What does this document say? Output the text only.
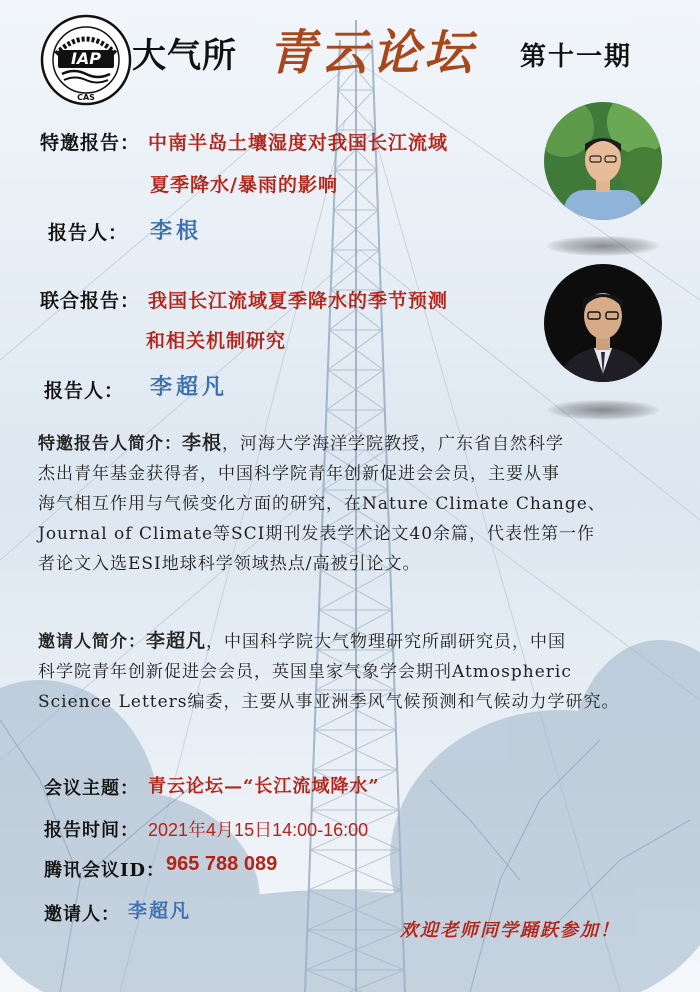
IAP
CAS
大气所 青云论坛 第十一期
特邀报告： 中南半岛土壤湿度对我国长江流域
夏季降水/暴雨的影响
报告人： 李根
联合报告： 我国长江流域夏季降水的季节预测
和相关机制研究
报告人： 李超凡
特邀报告人简介：李根，河海大学海洋学院教授，广东省自然科学
杰出青年基金获得者，中国科学院青年创新促进会会员，主要从事
海气相互作用与气候变化方面的研究，在Nature Climate Change、
Journal of Climate等SCI期刊发表学术论文40余篇，代表性第一作
者论文入选ESI地球科学领域热点/高被引论文。
邀请人简介：李超凡，中国科学院大气物理研究所副研究员，中国
科学院青年创新促进会会员，英国皇家气象学会期刊Atmospheric
Science Letters编委，主要从事亚洲季风气候预测和气候动力学研究。
会议主题： 青云论坛—“长江流域降水”
报告时间： 2021年4月15日14:00-16:00
腾讯会议ID： 965 788 089
邀请人： 李超凡
欢迎老师同学踊跃参加！
